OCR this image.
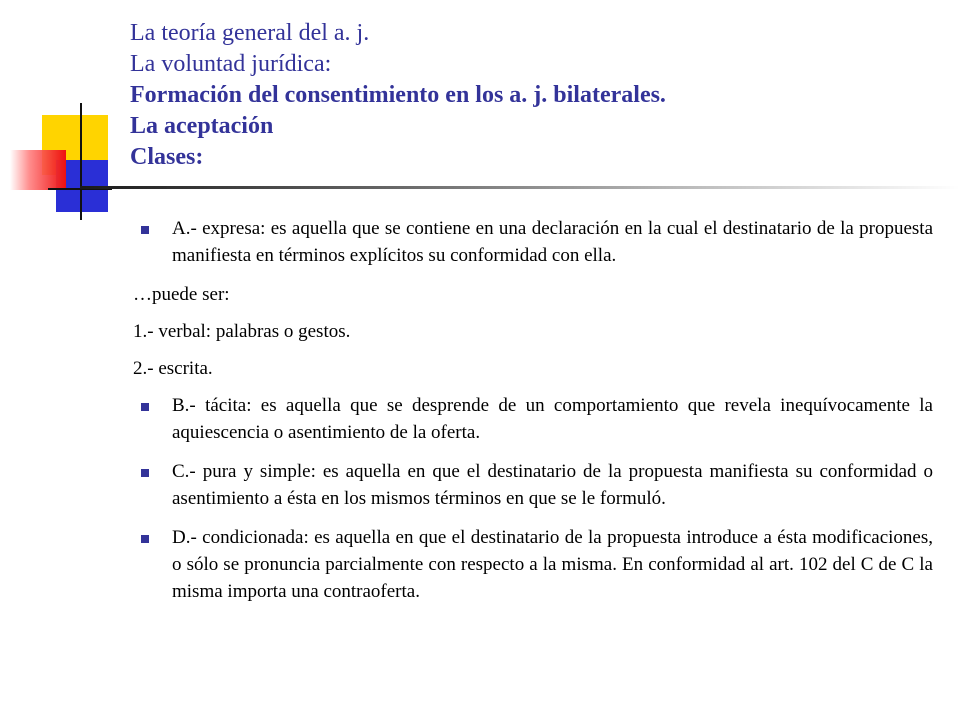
La teoría general del a. j.
La voluntad jurídica:
Formación del consentimiento en los a. j. bilaterales.
La aceptación
Clases:
A.- expresa: es aquella que se contiene en una declaración en la cual el destinatario de la propuesta manifiesta en términos explícitos su conformidad con ella.
…puede ser:
1.- verbal: palabras o gestos.
2.- escrita.
B.- tácita: es aquella que se desprende de un comportamiento que revela inequívocamente la aquiescencia o asentimiento de la oferta.
C.- pura y simple: es aquella en que el destinatario de la propuesta manifiesta su conformidad o asentimiento a ésta en los mismos términos en que se le formuló.
D.- condicionada: es aquella en que el destinatario de la propuesta introduce a ésta modificaciones, o sólo se pronuncia parcialmente con respecto a la misma. En conformidad al art. 102 del C de C la misma importa una contraoferta.
